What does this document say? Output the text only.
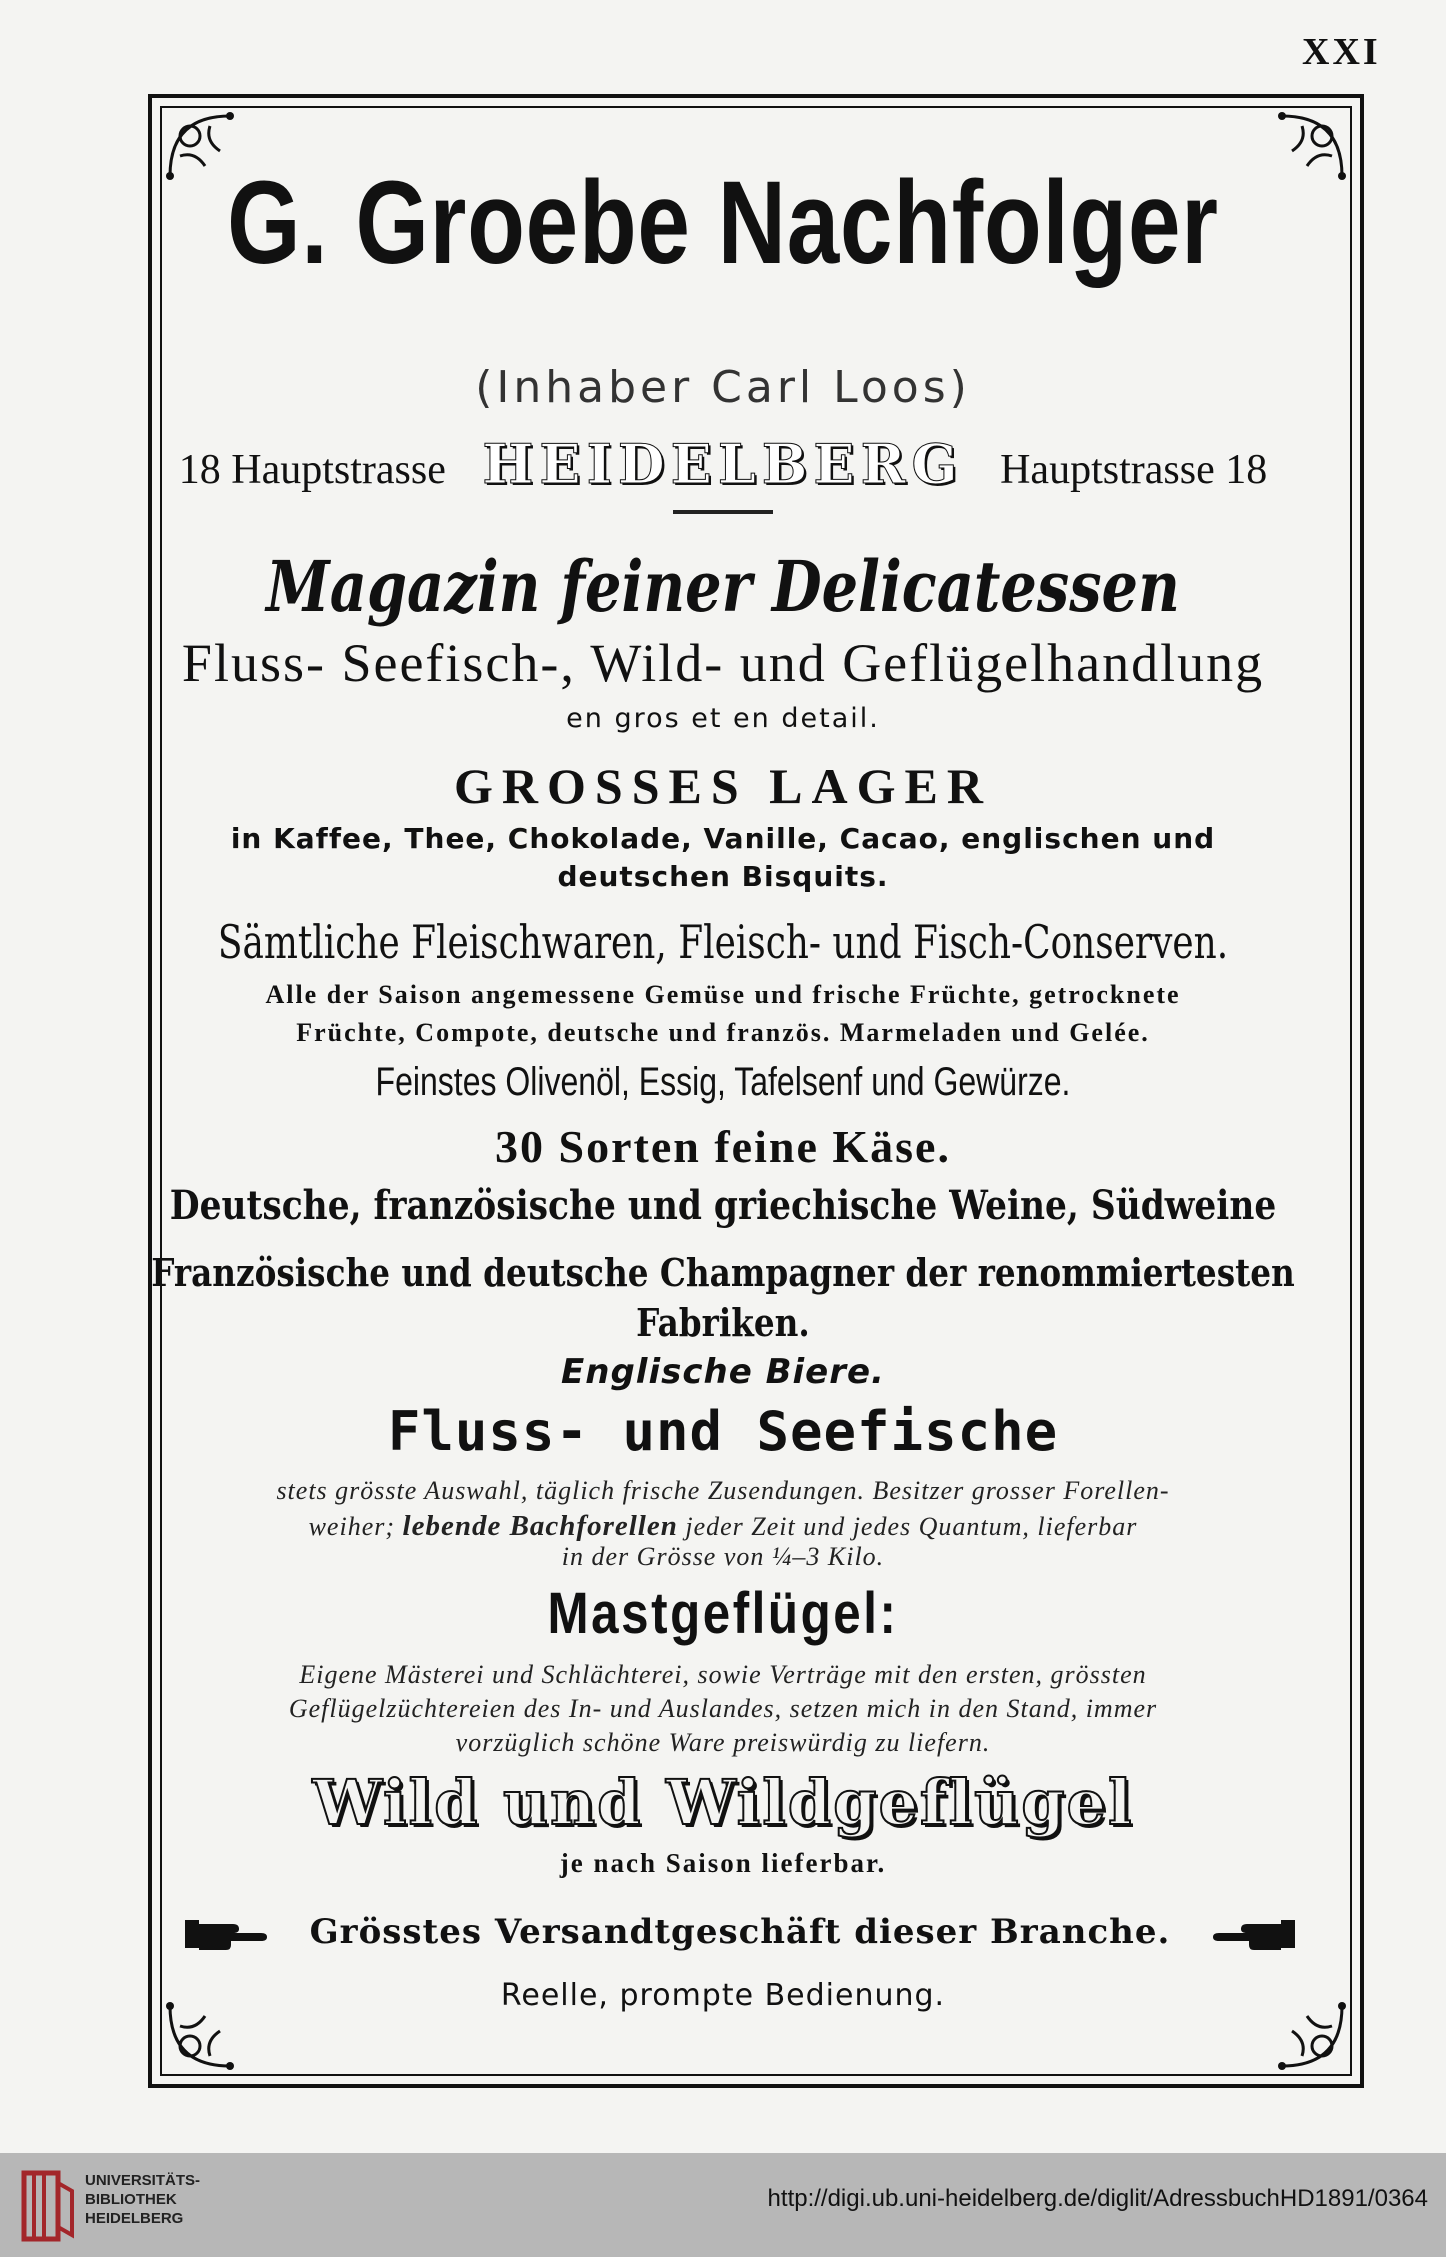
XXI
G. Groebe Nachfolger
(Inhaber Carl Loos)
18 Hauptstrasse HEIDELBERG Hauptstrasse 18
Magazin feiner Delicatessen
Fluss- Seefisch-, Wild- und Geflügelhandlung
en gros et en detail.
GROSSES LAGER
in Kaffee, Thee, Chokolade, Vanille, Cacao, englischen und
deutschen Bisquits.
Sämtliche Fleischwaren, Fleisch- und Fisch-Conserven.
Alle der Saison angemessene Gemüse und frische Früchte, getrocknete
Früchte, Compote, deutsche und französ. Marmeladen und Gelée.
Feinstes Olivenöl, Essig, Tafelsenf und Gewürze.
30 Sorten feine Käse.
Deutsche, französische und griechische Weine, Südweine
Französische und deutsche Champagner der renommiertesten
Fabriken.
Englische Biere.
Fluss- und Seefische
stets grösste Auswahl, täglich frische Zusendungen. Besitzer grosser Forellen-
weiher; lebende Bachforellen jeder Zeit und jedes Quantum, lieferbar
in der Grösse von ¼–3 Kilo.
Mastgeflügel:
Eigene Mästerei und Schlächterei, sowie Verträge mit den ersten, grössten
Geflügelzüchtereien des In- und Auslandes, setzen mich in den Stand, immer
vorzüglich schöne Ware preiswürdig zu liefern.
Wild und Wildgeflügel
je nach Saison lieferbar.
Grösstes Versandtgeschäft dieser Branche.
Reelle, prompte Bedienung.
UNIVERSITÄTS-
BIBLIOTHEK
HEIDELBERG
http://digi.ub.uni-heidelberg.de/diglit/AdressbuchHD1891/0364
